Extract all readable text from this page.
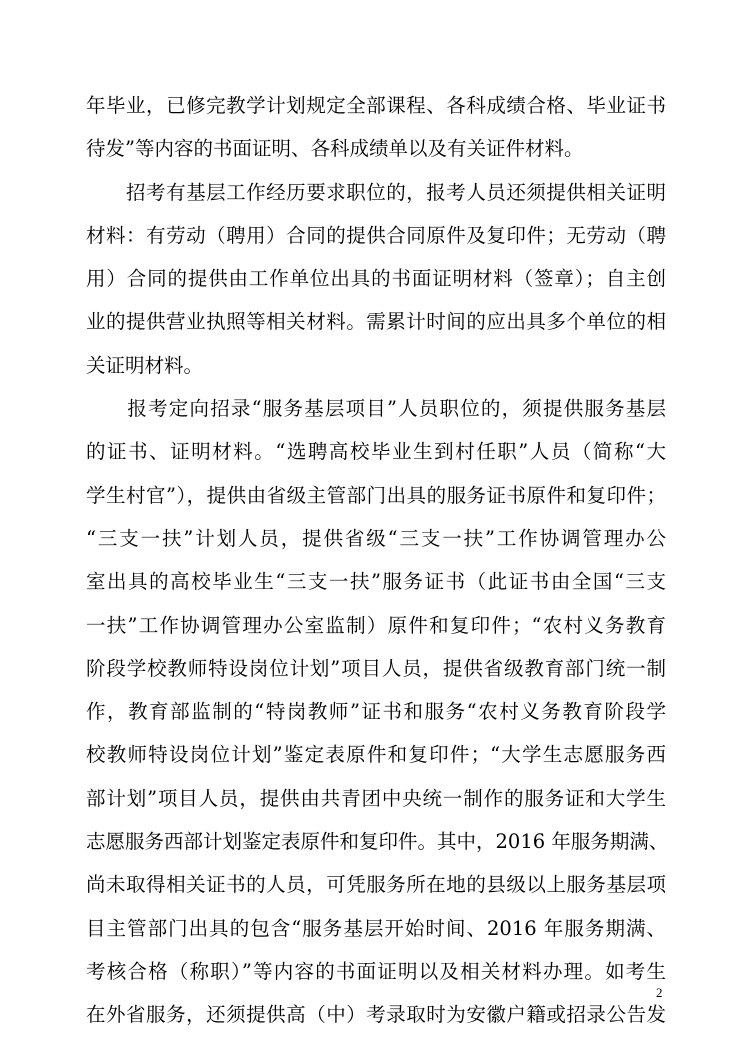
年毕业，已修完教学计划规定全部课程、各科成绩合格、毕业证书
待发”等内容的书面证明、各科成绩单以及有关证件材料。
　　招考有基层工作经历要求职位的，报考人员还须提供相关证明
材料：有劳动（聘用）合同的提供合同原件及复印件；无劳动（聘
用）合同的提供由工作单位出具的书面证明材料（签章）；自主创
业的提供营业执照等相关材料。需累计时间的应出具多个单位的相
关证明材料。
　　报考定向招录“服务基层项目”人员职位的，须提供服务基层
的证书、证明材料。“选聘高校毕业生到村任职”人员（简称“大
学生村官”），提供由省级主管部门出具的服务证书原件和复印件；
“三支一扶”计划人员，提供省级“三支一扶”工作协调管理办公
室出具的高校毕业生“三支一扶”服务证书（此证书由全国“三支
一扶”工作协调管理办公室监制）原件和复印件；“农村义务教育
阶段学校教师特设岗位计划”项目人员，提供省级教育部门统一制
作，教育部监制的“特岗教师”证书和服务“农村义务教育阶段学
校教师特设岗位计划”鉴定表原件和复印件；“大学生志愿服务西
部计划”项目人员，提供由共青团中央统一制作的服务证和大学生
志愿服务西部计划鉴定表原件和复印件。其中，2016 年服务期满、
尚未取得相关证书的人员，可凭服务所在地的县级以上服务基层项
目主管部门出具的包含“服务基层开始时间、2016 年服务期满、
考核合格（称职）”等内容的书面证明以及相关材料办理。如考生
在外省服务，还须提供高（中）考录取时为安徽户籍或招录公告发
2
